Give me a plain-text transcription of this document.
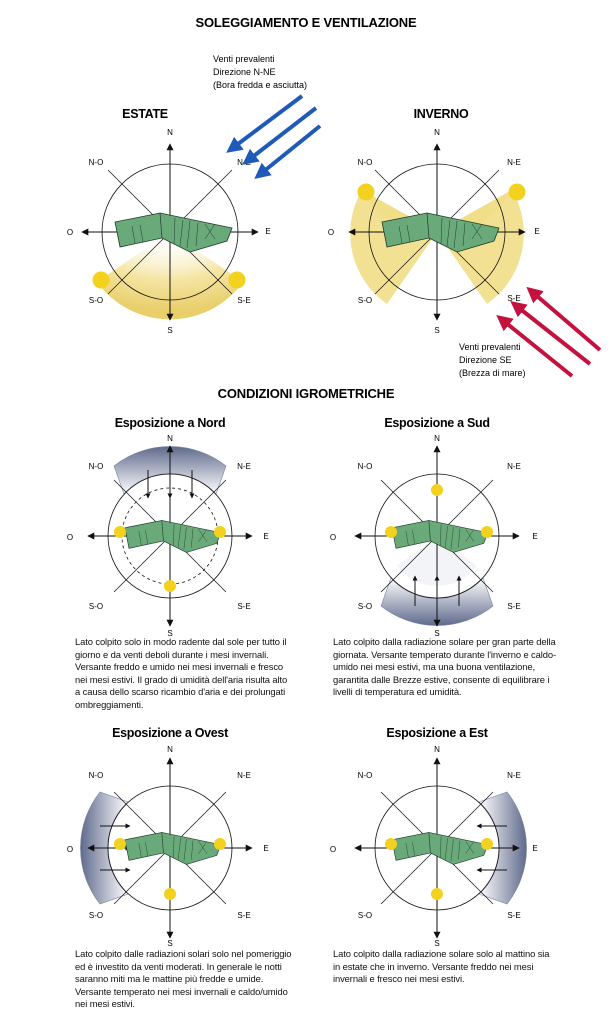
SOLEGGIAMENTO E VENTILAZIONE
N
N-O	N-E
O	E
S-O	S-E
S
ESTATE
Venti prevalenti
Direzione N-NE
(Bora fredda e asciutta)
N
N-O	N-E
O	E
S-O	S-E
S
INVERNO
Venti prevalenti
Direzione SE
(Brezza di mare)
CONDIZIONI IGROMETRICHE
Esposizione a Nord
N
N-O	N-E
O	E
S-O	S-E
S
Esposizione a Sud
N
N-O	N-E
O	E
S-O	S-E
S
Esposizione a Ovest
N
N-O	N-E
O	E
S-O	S-E
S
Esposizione a Est
N
N-O	N-E
O	E
S-O	S-E
S

Lato colpito solo in modo radente dal sole per tutto il giorno e da venti deboli durante i mesi invernali. Versante freddo e umido nei mesi invernali e fresco nei mesi estivi. Il grado di umidità dell'aria risulta alto a causa dello scarso ricambio d'aria e dei prolungati ombreggiamenti.

Lato colpito dalla radiazione solare per gran parte della giornata. Versante temperato durante l'inverno e caldo-umido nei mesi estivi, ma una buona ventilazione, garantita dalle Brezze estive, consente di equilibrare i livelli di temperatura ed umidità.

Lato colpito dalle radiazioni solari solo nel pomeriggio ed è investito da venti moderati. In generale le notti saranno miti ma le mattine più fredde e umide. Versante temperato nei mesi invernali e caldo/umido nei mesi estivi.

Lato colpito dalla radiazione solare solo al mattino sia in estate che in inverno. Versante freddo nei mesi invernali e fresco nei mesi estivi.
